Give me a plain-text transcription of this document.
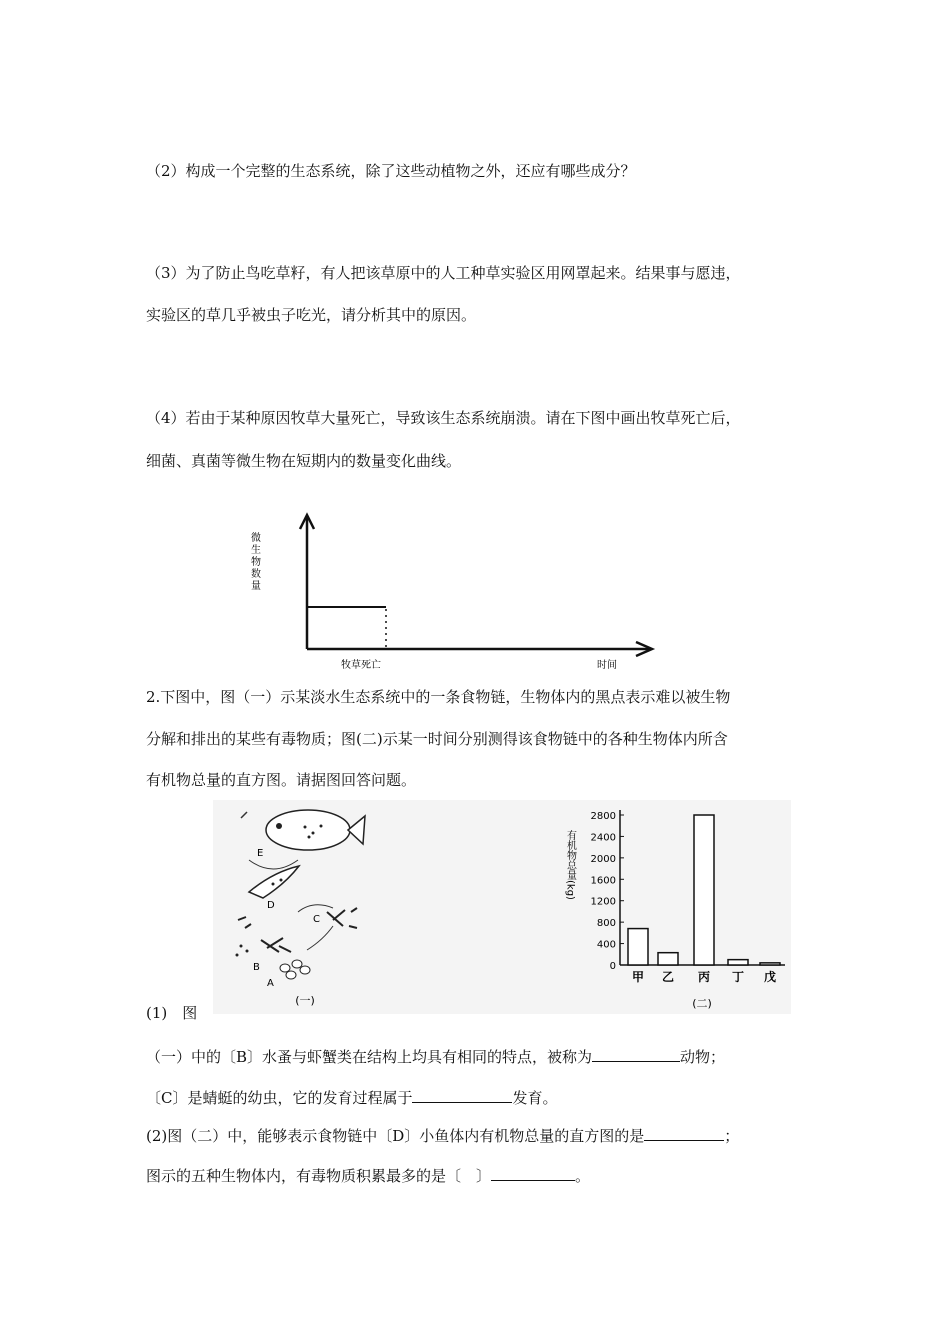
（2）构成一个完整的生态系统，除了这些动植物之外，还应有哪些成分？
（3）为了防止鸟吃草籽，有人把该草原中的人工种草实验区用网罩起来。结果事与愿违，
实验区的草几乎被虫子吃光，请分析其中的原因。
（4）若由于某种原因牧草大量死亡，导致该生态系统崩溃。请在下图中画出牧草死亡后，
细菌、真菌等微生物在短期内的数量变化曲线。
微
生
物
数
量
牧草死亡	时间
2.下图中，图（一）示某淡水生态系统中的一条食物链，生物体内的黑点表示难以被生物
分解和排出的某些有毒物质；图(二)示某一时间分别测得该食物链中的各种生物体内所含
有机物总量的直方图。请据图回答问题。
E
D
C
B
A
(一)
有机物总量(kg)
0
400
800
1200
1600
2000
2400
2800
甲 乙 丙 丁 戊
(二)
(1)　图
（一）中的〔B〕水蚤与虾蟹类在结构上均具有相同的特点，被称为	动物；
〔C〕是蜻蜓的幼虫，它的发育过程属于	发育。
(2)图（二）中，能够表示食物链中〔D〕小鱼体内有机物总量的直方图的是	；
图示的五种生物体内，有毒物质积累最多的是〔　〕	。
